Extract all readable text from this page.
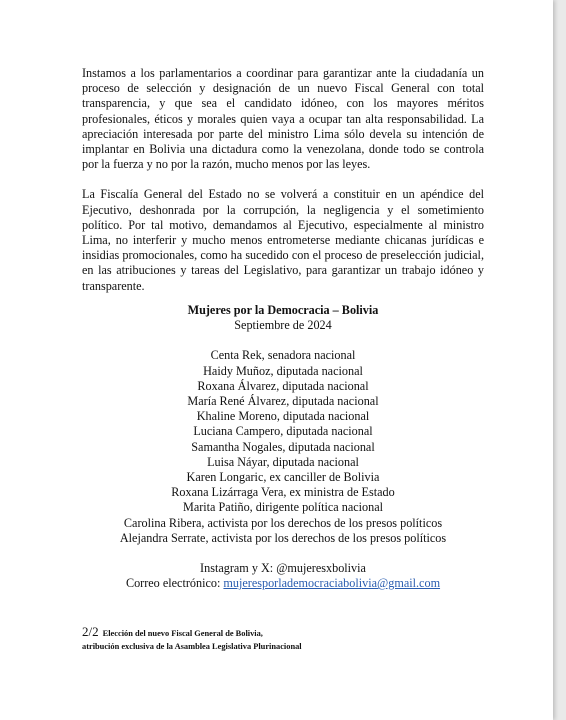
Instamos a los parlamentarios a coordinar para garantizar ante la ciudadanía un proceso de selección y designación de un nuevo Fiscal General con total transparencia, y que sea el candidato idóneo, con los mayores méritos profesionales, éticos y morales quien vaya a ocupar tan alta responsabilidad. La apreciación interesada por parte del ministro Lima sólo devela su intención de implantar en Bolivia una dictadura como la venezolana, donde todo se controla por la fuerza y no por la razón, mucho menos por las leyes.

La Fiscalía General del Estado no se volverá a constituir en un apéndice del Ejecutivo, deshonrada por la corrupción, la negligencia y el sometimiento político. Por tal motivo, demandamos al Ejecutivo, especialmente al ministro Lima, no interferir y mucho menos entrometerse mediante chicanas jurídicas e insidias promocionales, como ha sucedido con el proceso de preselección judicial, en las atribuciones y tareas del Legislativo, para garantizar un trabajo idóneo y transparente.

Mujeres por la Democracia – Bolivia
Septiembre de 2024
Centa Rek, senadora nacional
Haidy Muñoz, diputada nacional
Roxana Álvarez, diputada nacional
María René Álvarez, diputada nacional
Khaline Moreno, diputada nacional
Luciana Campero, diputada nacional
Samantha Nogales, diputada nacional
Luisa Náyar, diputada nacional
Karen Longaric, ex canciller de Bolivia
Roxana Lizárraga Vera, ex ministra de Estado
Marita Patiño, dirigente política nacional
Carolina Ribera, activista por los derechos de los presos políticos
Alejandra Serrate, activista por los derechos de los presos políticos
Instagram y X: @mujeresxbolivia
Correo electrónico: mujeresporlademocraciabolivia@gmail.com
2/2 Elección del nuevo Fiscal General de Bolivia,
atribución exclusiva de la Asamblea Legislativa Plurinacional
